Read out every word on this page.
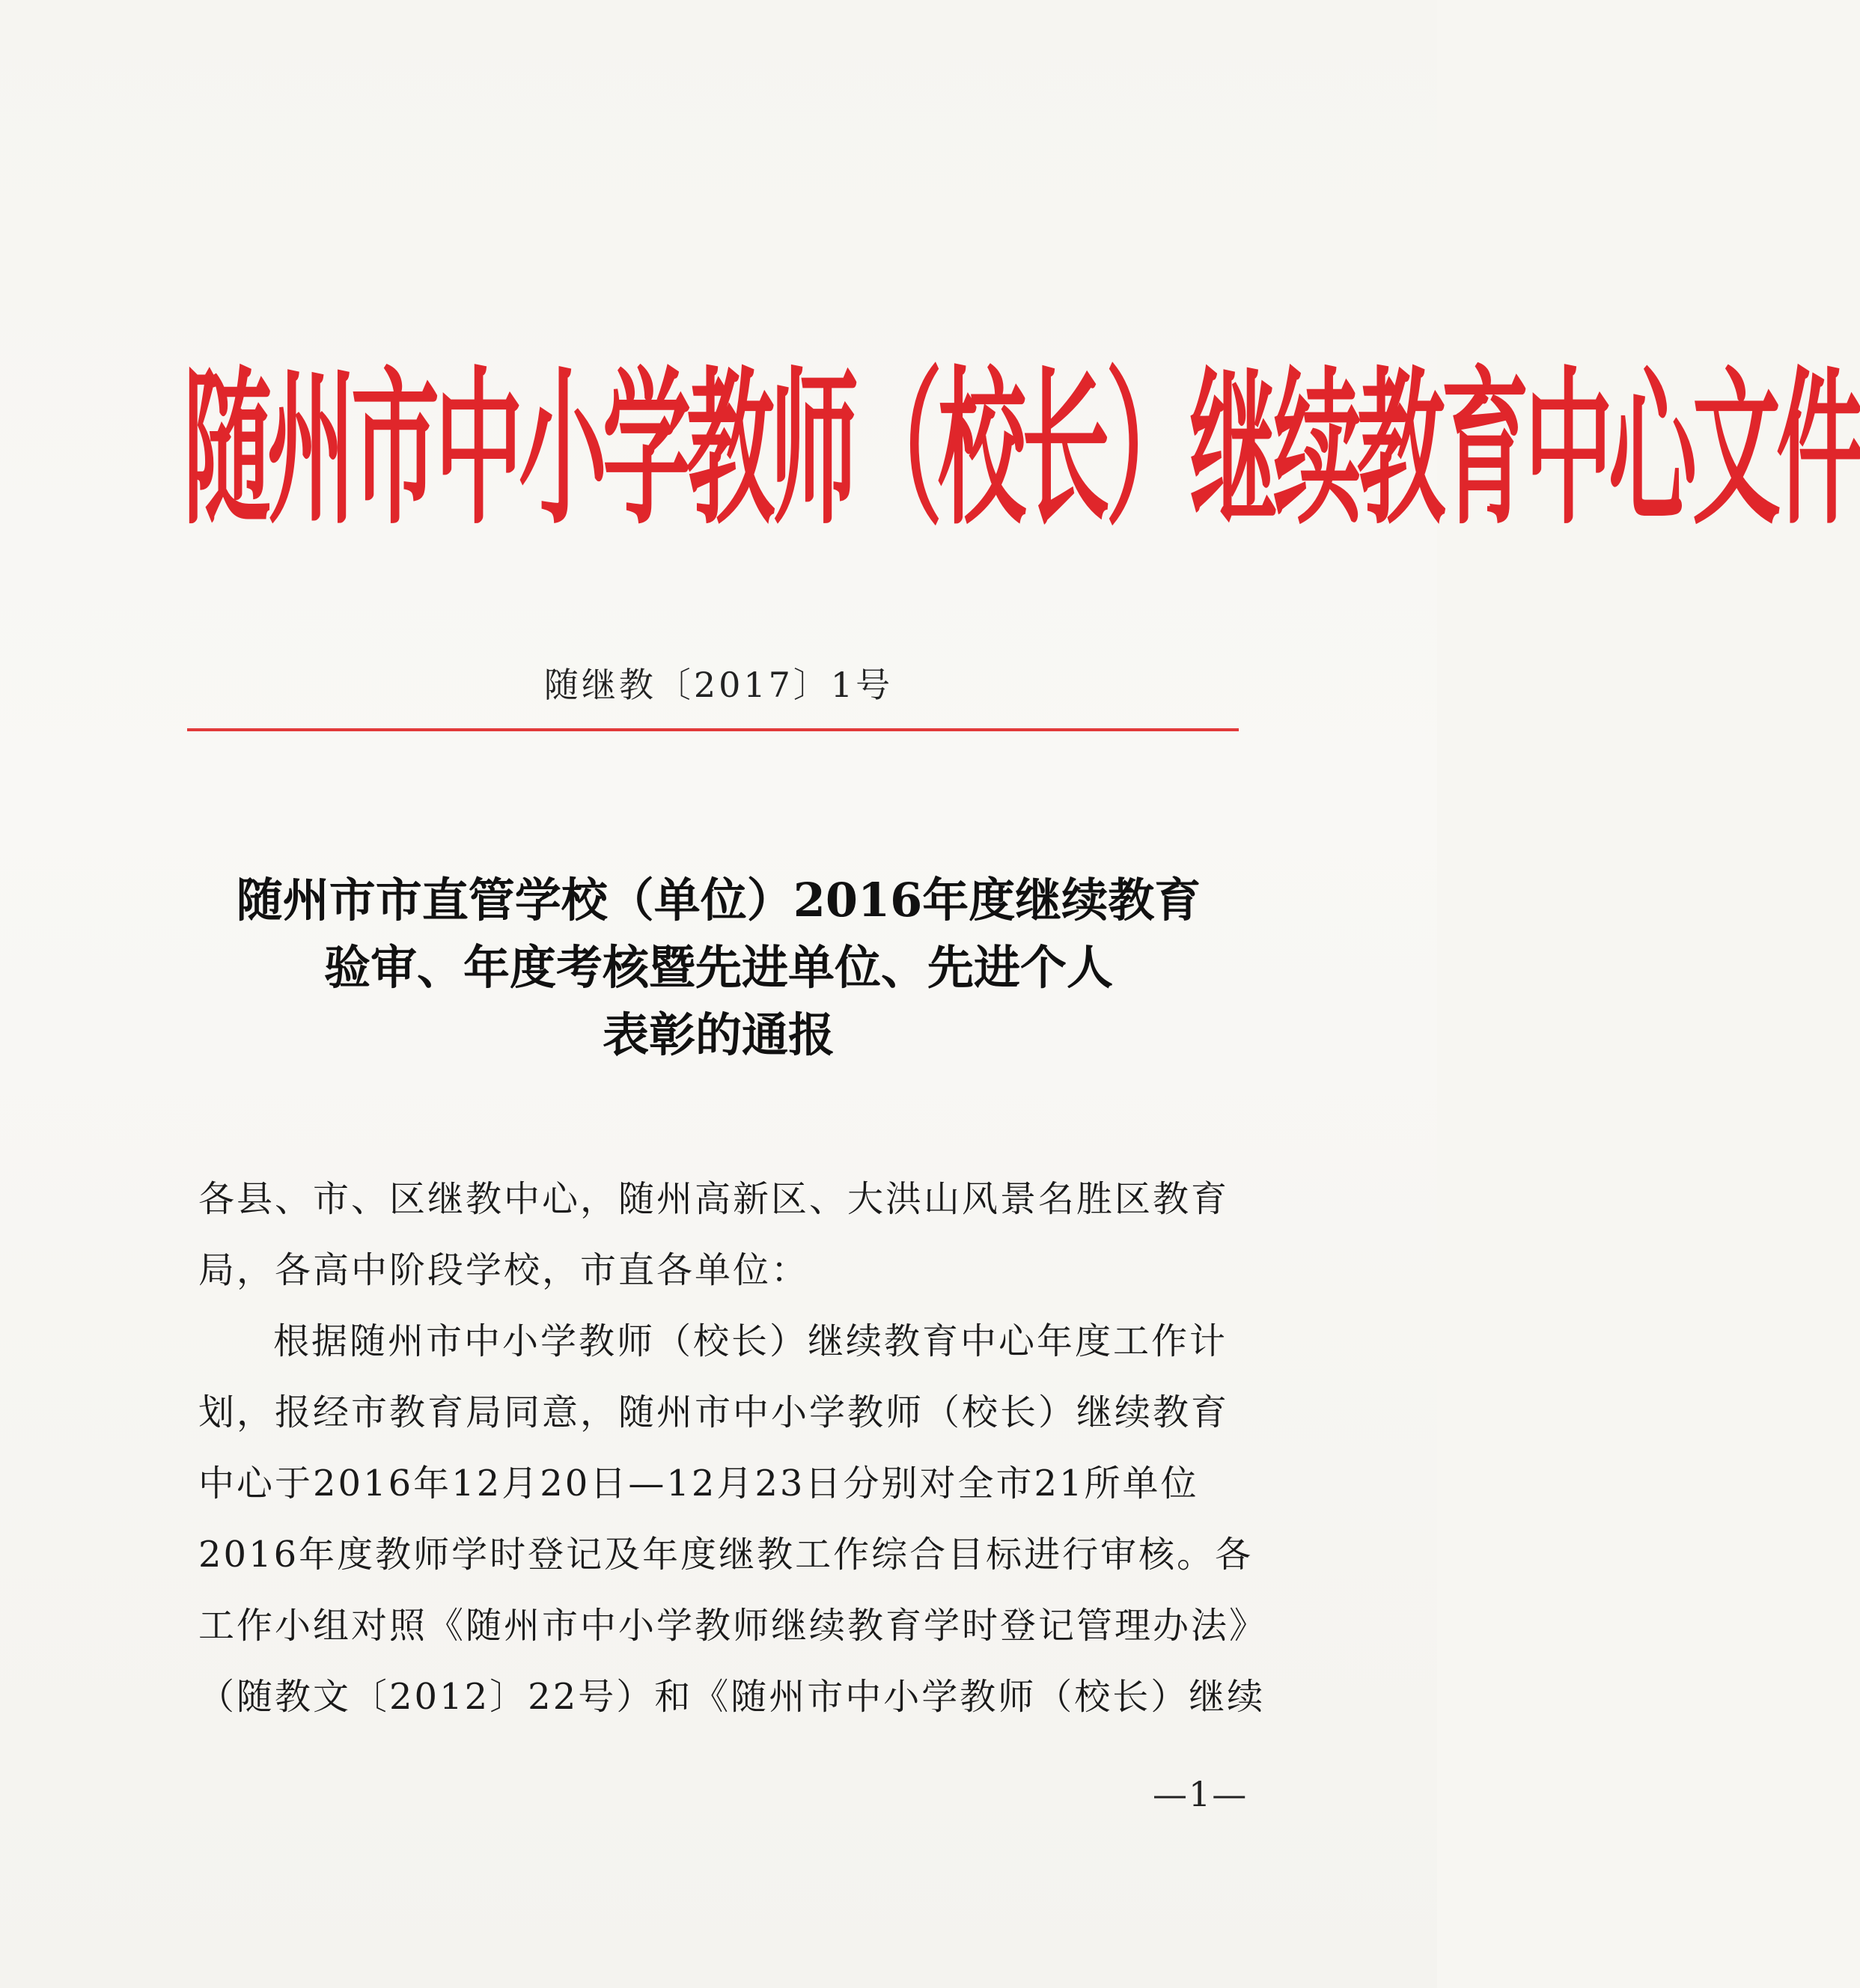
随州市中小学教师（校长）继续教育中心文件
随继教〔2017〕1号
随州市市直管学校（单位）2016年度继续教育
验审、年度考核暨先进单位、先进个人
表彰的通报
各县、市、区继教中心，随州高新区、大洪山风景名胜区教育
局，各高中阶段学校，市直各单位：
根据随州市中小学教师（校长）继续教育中心年度工作计
划，报经市教育局同意，随州市中小学教师（校长）继续教育
中心于2016年12月20日—12月23日分别对全市21所单位
2016年度教师学时登记及年度继教工作综合目标进行审核。各
工作小组对照《随州市中小学教师继续教育学时登记管理办法》
（随教文〔2012〕22号）和《随州市中小学教师（校长）继续
—1—
